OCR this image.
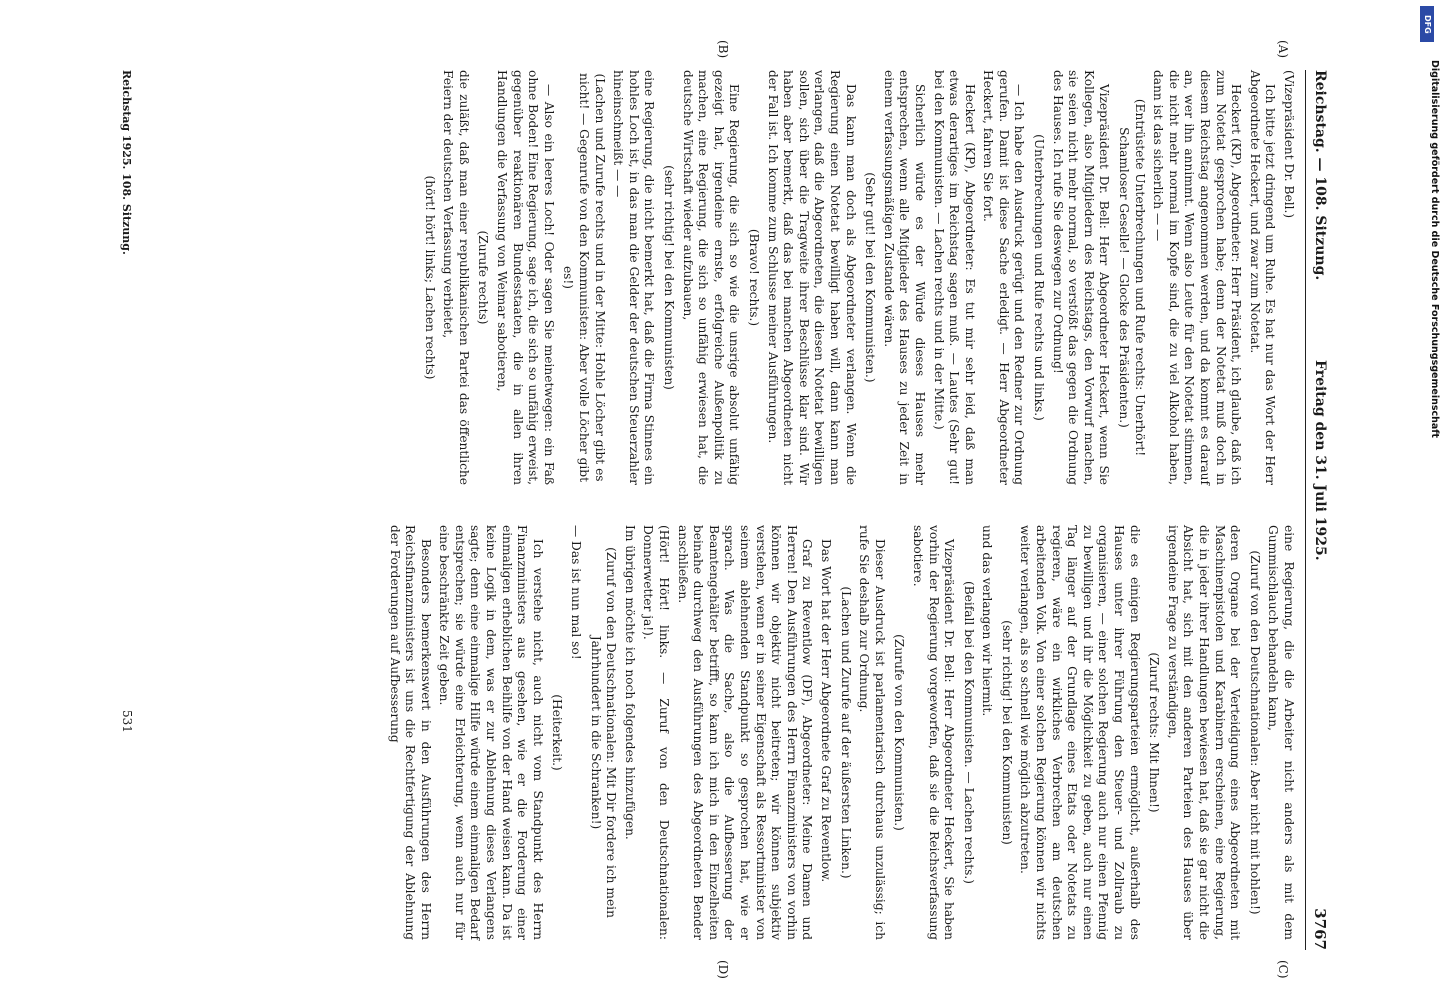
Reichstag. — 108. Sitzung.
Freitag den 31. Juli 1925.
3767
(A)
(B)
(C)
(D)

(Vizepräsident Dr. Bell.)

Ich bitte jetzt dringend um Ruhe. Es hat nur das Wort der Herr Abgeordnete Heckert, und zwar zum Notetat.

Heckert (KP), Abgeordneter: Herr Präsident, ich glaube, daß ich zum Notetat gesprochen habe; denn der Notetat muß doch in diesem Reichstag angenommen werden, und da kommt es darauf an, wer ihn annimmt. Wenn also Leute für den Notetat stimmen, die nicht mehr normal im Kopfe sind, die zu viel Alkohol haben, dann ist das sicherlich — —

(Entrüstete Unterbrechungen und Rufe rechts: Unerhört! Schamloser Geselle! — Glocke des Präsidenten.)

Vizepräsident Dr. Bell: Herr Abgeordneter Heckert, wenn Sie Kollegen, also Mitgliedern des Reichstags, den Vorwurf machen, sie seien nicht mehr normal, so verstößt das gegen die Ordnung des Hauses. Ich rufe Sie deswegen zur Ordnung!

(Unterbrechungen und Rufe rechts und links.)

— Ich habe den Ausdruck gerügt und den Redner zur Ordnung gerufen. Damit ist diese Sache erledigt. — Herr Abgeordneter Heckert, fahren Sie fort.

Heckert (KP), Abgeordneter: Es tut mir sehr leid, daß man etwas derartiges im Reichstag sagen muß. — Lautes (Sehr gut! bei den Kommunisten. — Lachen rechts und in der Mitte.)

Sicherlich würde es der Würde dieses Hauses mehr entsprechen, wenn alle Mitglieder des Hauses zu jeder Zeit in einem verfassungsmäßigen Zustande wären.

(Sehr gut! bei den Kommunisten.)

Das kann man doch als Abgeordneter verlangen. Wenn die Regierung einen Notetat bewilligt haben will, dann kann man verlangen, daß die Abgeordneten, die diesen Notetat bewilligen sollen, sich über die Tragweite ihrer Beschlüsse klar sind. Wir haben aber bemerkt, daß das bei manchen Abgeordneten nicht der Fall ist. Ich komme zum Schlusse meiner Ausführungen.

(Bravo! rechts.)

Eine Regierung, die sich so wie die unsrige absolut unfähig gezeigt hat, irgendeine ernste, erfolgreiche Außenpolitik zu machen, eine Regierung, die sich so unfähig erwiesen hat, die deutsche Wirtschaft wieder aufzubauen,

(sehr richtig! bei den Kommunisten)

eine Regierung, die nicht bemerkt hat, daß die Firma Stinnes ein hohles Loch ist, in das man die Gelder der deutschen Steuerzahler hineinschmeißt — —

(Lachen und Zurufe rechts und in der Mitte: Hohle Löcher gibt es nicht! — Gegenrufe von den Kommunisten: Aber volle Löcher gibt es!)

— Also ein leeres Loch! Oder sagen Sie meinetwegen: ein Faß ohne Boden! Eine Regierung, sage ich, die sich so unfähig erweist, gegenüber reaktionären Bundesstaaten, die in allen ihren Handlungen die Verfassung von Weimar sabotieren,

(Zurufe rechts)

die zuläßt, daß man einer republikanischen Partei das öffentliche Feiern der deutschen Verfassung verbietet,

(hört! hört! links; Lachen rechts)

eine Regierung, die die Arbeiter nicht anders als mit dem Gummischlauch behandeln kann,

(Zuruf von den Deutschnationalen: Aber nicht mit hohlen!)

deren Organe bei der Verteidigung eines Abgeordneten mit Maschinenpistolen und Karabinern erscheinen, eine Regierung, die in jeder ihrer Handlungen bewiesen hat, daß sie gar nicht die Absicht hat, sich mit den anderen Parteien des Hauses über irgendeine Frage zu verständigen,

(Zuruf rechts: Mit Ihnen!)

die es einigen Regierungsparteien ermöglicht, außerhalb des Hauses unter ihrer Führung den Steuer- und Zollraub zu organisieren, — einer solchen Regierung auch nur einen Pfennig zu bewilligen und ihr die Möglichkeit zu geben, auch nur einen Tag länger auf der Grundlage eines Etats oder Notetats zu regieren, wäre ein wirkliches Verbrechen am deutschen arbeitenden Volk. Von einer solchen Regierung können wir nichts weiter verlangen, als so schnell wie möglich abzutreten.

(sehr richtig! bei den Kommunisten)

und das verlangen wir hiermit.

(Beifall bei den Kommunisten. — Lachen rechts.)

Vizepräsident Dr. Bell: Herr Abgeordneter Heckert, Sie haben vorhin der Regierung vorgeworfen, daß sie die Reichsverfassung sabotiere.

(Zurufe von den Kommunisten.)

Dieser Ausdruck ist parlamentarisch durchaus unzulässig; ich rufe Sie deshalb zur Ordnung.

(Lachen und Zurufe auf der äußersten Linken.)

Das Wort hat der Herr Abgeordnete Graf zu Reventlow.

Graf zu Reventlow (DF), Abgeordneter: Meine Damen und Herren! Den Ausführungen des Herrn Finanzministers von vorhin können wir objektiv nicht beitreten; wir können subjektiv verstehen, wenn er in seiner Eigenschaft als Ressortminister von seinem ablehnenden Standpunkt so gesprochen hat, wie er sprach. Was die Sache, also die Aufbesserung der Beamtengehälter betrifft, so kann ich mich in den Einzelheiten beinahe durchweg den Ausführungen des Abgeordneten Bender anschließen.

(Hört! Hört! links. — Zuruf von den Deutschnationalen: Donnerwetter ja!).

Im übrigen möchte ich noch folgendes hinzufügen.

(Zuruf von den Deutschnationalen: Mit Dir fordere ich mein Jahrhundert in die Schranken!)

— Das ist nun mal so!

(Heiterkeit.)

Ich verstehe nicht, auch nicht vom Standpunkt des Herrn Finanzministers aus gesehen, wie er die Forderung einer einmaligen erheblichen Beihilfe von der Hand weisen kann. Da ist keine Logik in dem, was er zur Ablehnung dieses Verlangens sagte; denn eine einmalige Hilfe würde einem einmaligen Bedarf entsprechen; sie würde eine Erleichterung, wenn auch nur für eine beschränkte Zeit geben.

Besonders bemerkenswert in den Ausführungen des Herrn Reichsfinanzministers ist uns die Rechtfertigung der Ablehnung der Forderungen auf Aufbesserung

Reichstag 1925. 108. Sitzung.
531
Digitalisierung gefördert durch die Deutsche Forschungsgemeinschaft
DFG
